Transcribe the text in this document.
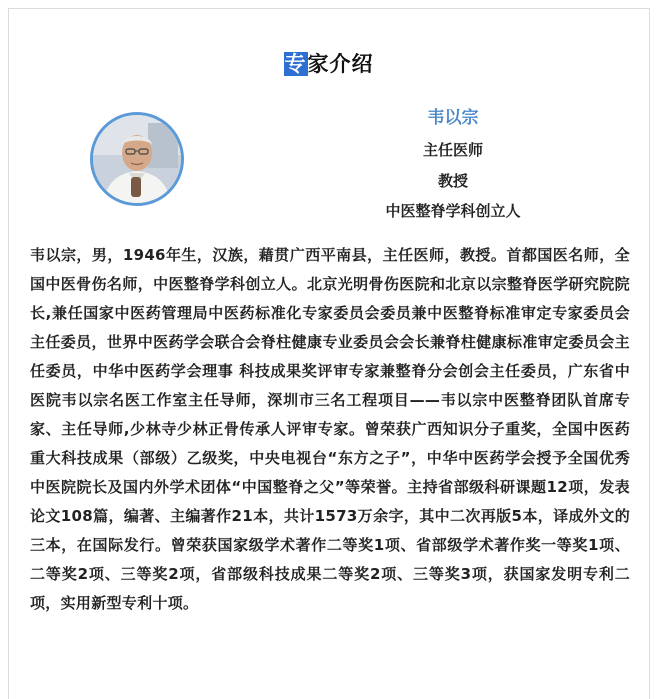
专家介绍
韦以宗
主任医师
教授
中医整脊学科创立人
韦以宗，男，1946年生，汉族，藉贯广西平南县，主任医师，教授。首都国医名师，全国中医骨伤名师，中医整脊学科创立人。北京光明骨伤医院和北京以宗整脊医学研究院院长,兼任国家中医药管理局中医药标准化专家委员会委员兼中医整脊标准审定专家委员会主任委员，世界中医药学会联合会脊柱健康专业委员会会长兼脊柱健康标准审定委员会主任委员，中华中医药学会理事 科技成果奖评审专家兼整脊分会创会主任委员，广东省中医院韦以宗名医工作室主任导师，深圳市三名工程项目——韦以宗中医整脊团队首席专家、主任导师,少林寺少林正骨传承人评审专家。曾荣获广西知识分子重奖，全国中医药重大科技成果（部级）乙级奖，中央电视台“东方之子”，中华中医药学会授予全国优秀中医院院长及国内外学术团体“中国整脊之父”等荣誉。主持省部级科研课题12项，发表论文108篇，编著、主编著作21本，共计1573万余字，其中二次再版5本，译成外文的三本，在国际发行。曾荣获国家级学术著作二等奖1项、省部级学术著作奖一等奖1项、二等奖2项、三等奖2项，省部级科技成果二等奖2项、三等奖3项，获国家发明专利二项，实用新型专利十项。
